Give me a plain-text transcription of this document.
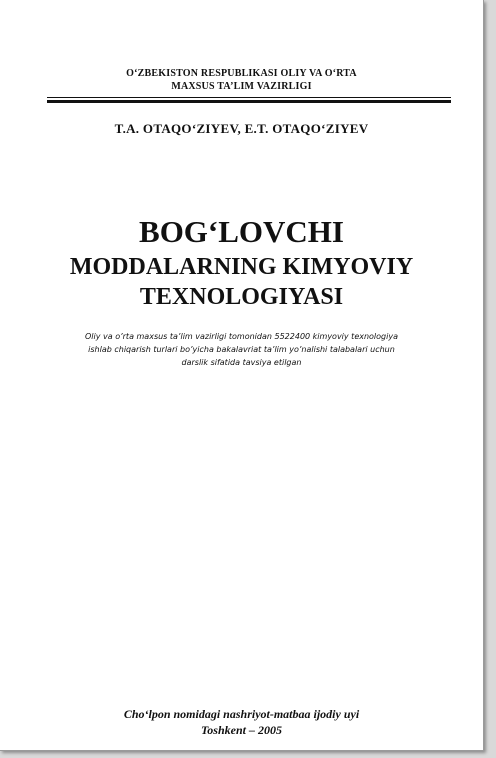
O‘ZBEKISTON RESPUBLIKASI OLIY VA O‘RTA
MAXSUS TA’LIM VAZIRLIGI
T.A. OTAQO‘ZIYEV, E.T. OTAQO‘ZIYEV
BOG‘LOVCHI
MODDALARNING KIMYOVIY
TEXNOLOGIYASI
Oliy va o’rta maxsus ta’lim vazirligi tomonidan 5522400 kimyoviy texnologiya
ishlab chiqarish turlari bo’yicha bakalavriat ta’lim yo’nalishi talabalari uchun
darslik sifatida tavsiya etilgan
Cho‘lpon nomidagi nashriyot-matbaa ijodiy uyi
Toshkent – 2005
